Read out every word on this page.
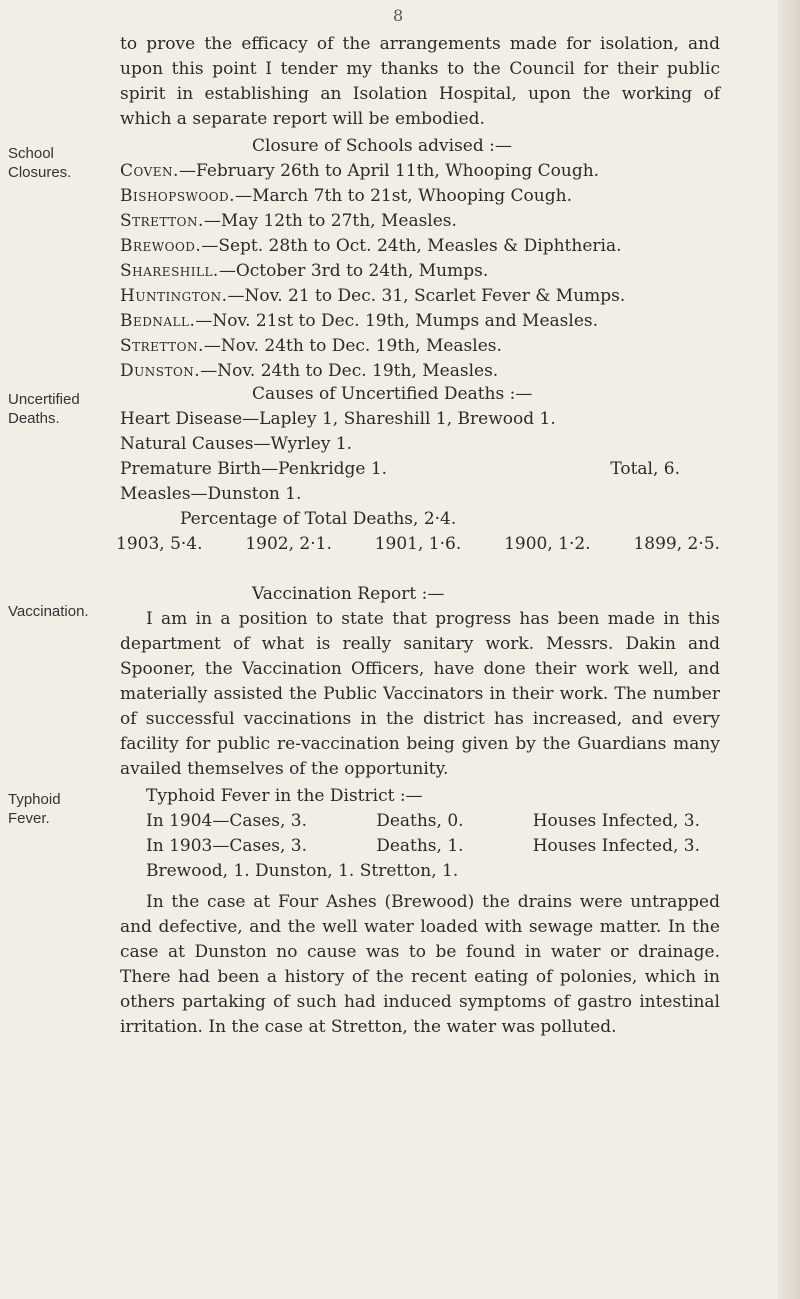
8

to prove the efficacy of the arrangements made for isolation, and upon this point I tender my thanks to the Council for their public spirit in establishing an Isolation Hospital, upon the working of which a separate report will be embodied.

School Closures.

Closure of Schools advised :—

Coven.—February 26th to April 11th, Whooping Cough.

Bishopswood.—March 7th to 21st, Whooping Cough.

Stretton.—May 12th to 27th, Measles.

Brewood.—Sept. 28th to Oct. 24th, Measles & Diphtheria.

Shareshill.—October 3rd to 24th, Mumps.

Huntington.—Nov. 21 to Dec. 31, Scarlet Fever & Mumps.

Bednall.—Nov. 21st to Dec. 19th, Mumps and Measles.

Stretton.—Nov. 24th to Dec. 19th, Measles.

Dunston.—Nov. 24th to Dec. 19th, Measles.

Uncertified Deaths.

Causes of Uncertified Deaths :—

Heart Disease—Lapley 1, Shareshill 1, Brewood 1.

Natural Causes—Wyrley 1.

Premature Birth—Penkridge 1.

Measles—Dunston 1.

Total, 6.

Percentage of Total Deaths, 2·4.

1903, 5·4.	1902, 2·1.	1901, 1·6.	1900, 1·2.	1899, 2·5.
Vaccination.

Vaccination Report :—

I am in a position to state that progress has been made in this department of what is really sanitary work. Messrs. Dakin and Spooner, the Vaccination Officers, have done their work well, and materially assisted the Public Vaccinators in their work. The number of successful vaccinations in the district has increased, and every facility for public re-vaccination being given by the Guardians many availed themselves of the opportunity.

Typhoid Fever.

Typhoid Fever in the District :—

In 1904—Cases, 3.	Deaths, 0.	Houses Infected, 3.
In 1903—Cases, 3.	Deaths, 1.	Houses Infected, 3.

Brewood, 1. Dunston, 1. Stretton, 1.

In the case at Four Ashes (Brewood) the drains were untrapped and defective, and the well water loaded with sewage matter. In the case at Dunston no cause was to be found in water or drainage. There had been a history of the recent eating of polonies, which in others partaking of such had induced symptoms of gastro intestinal irritation. In the case at Stretton, the water was polluted.
